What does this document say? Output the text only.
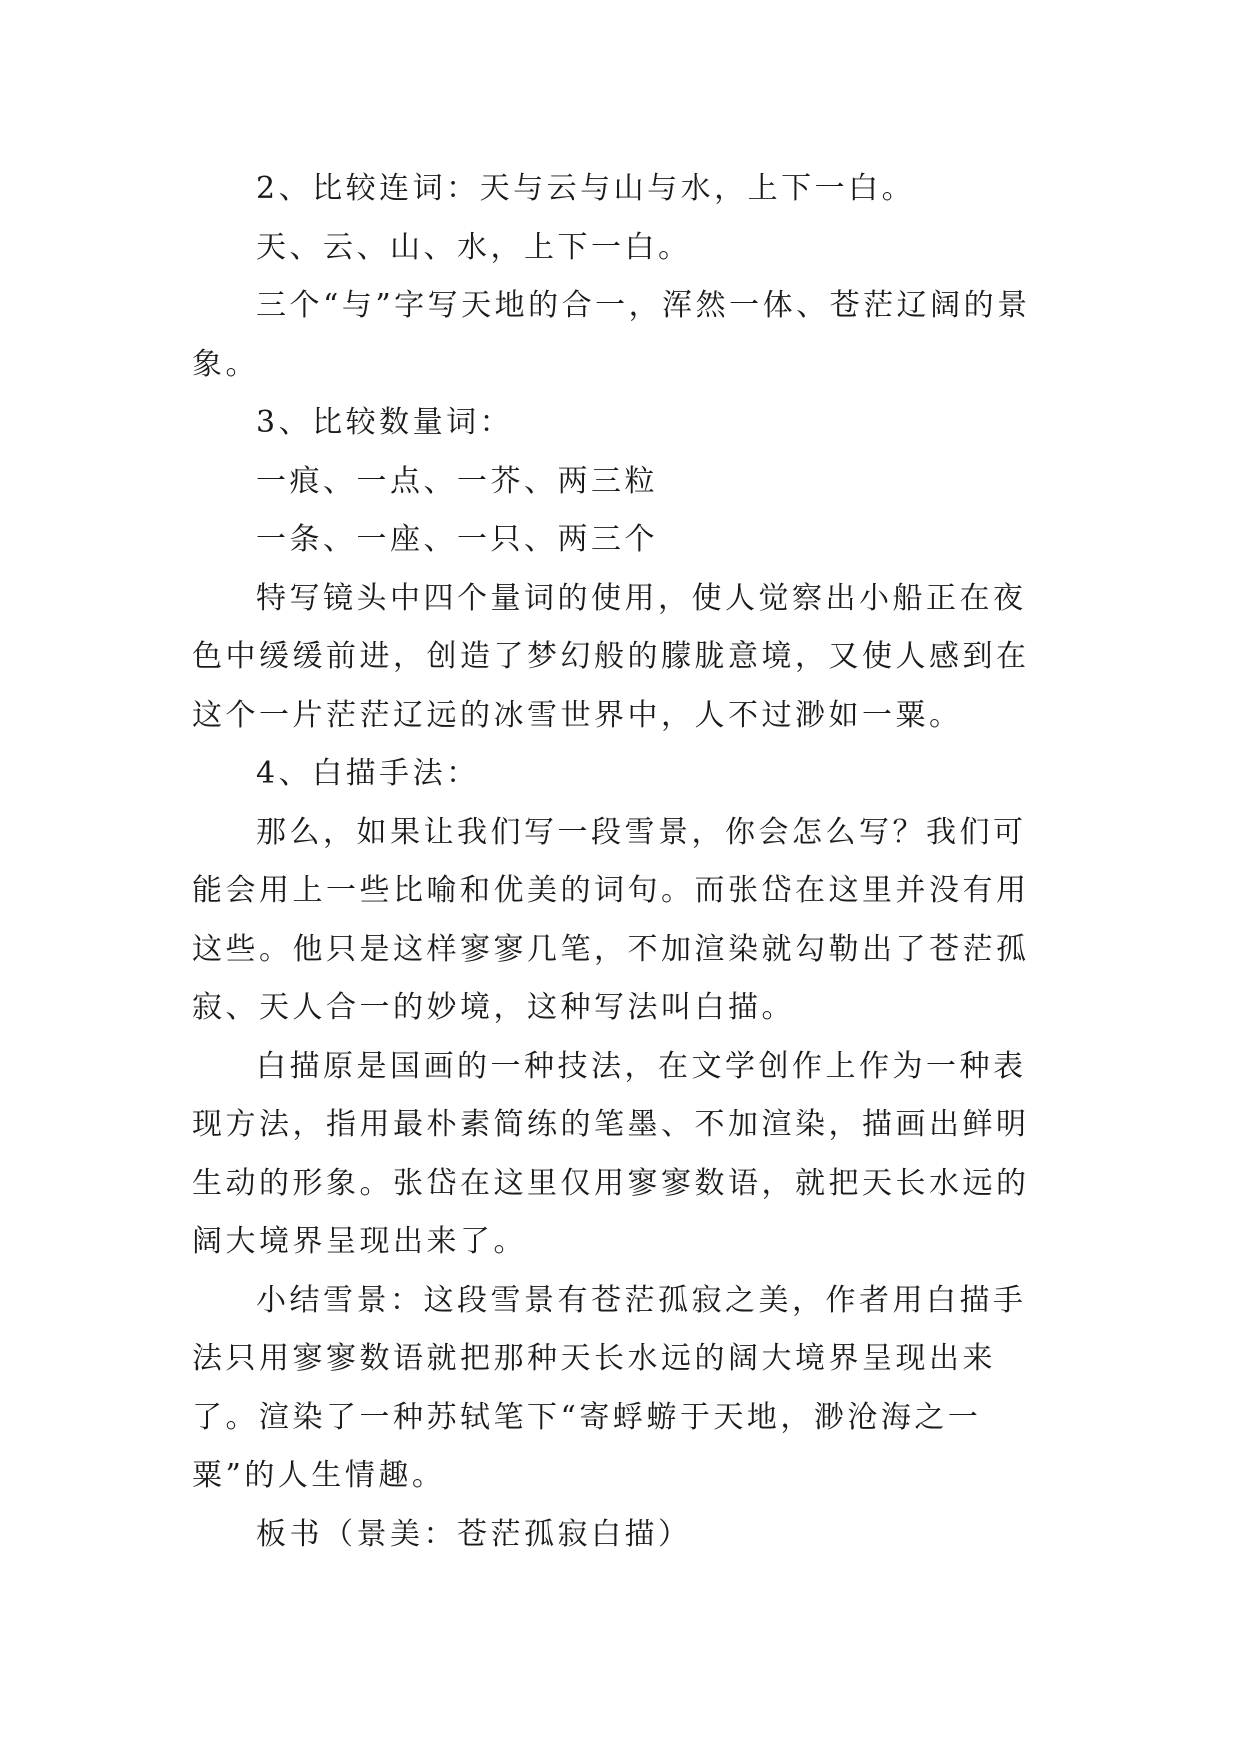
2、比较连词：天与云与山与水，上下一白。

天、云、山、水，上下一白。

三个“与”字写天地的合一，浑然一体、苍茫辽阔的景象。

3、比较数量词：

一痕、一点、一芥、两三粒

一条、一座、一只、两三个

特写镜头中四个量词的使用，使人觉察出小船正在夜色中缓缓前进，创造了梦幻般的朦胧意境，又使人感到在这个一片茫茫辽远的冰雪世界中，人不过渺如一粟。

4、白描手法：

那么，如果让我们写一段雪景，你会怎么写？我们可能会用上一些比喻和优美的词句。而张岱在这里并没有用这些。他只是这样寥寥几笔，不加渲染就勾勒出了苍茫孤寂、天人合一的妙境，这种写法叫白描。

白描原是国画的一种技法，在文学创作上作为一种表现方法，指用最朴素简练的笔墨、不加渲染，描画出鲜明生动的形象。张岱在这里仅用寥寥数语，就把天长水远的阔大境界呈现出来了。

小结雪景：这段雪景有苍茫孤寂之美，作者用白描手法只用寥寥数语就把那种天长水远的阔大境界呈现出来了。渲染了一种苏轼笔下“寄蜉蝣于天地，渺沧海之一粟”的人生情趣。

板书（景美：苍茫孤寂白描）
